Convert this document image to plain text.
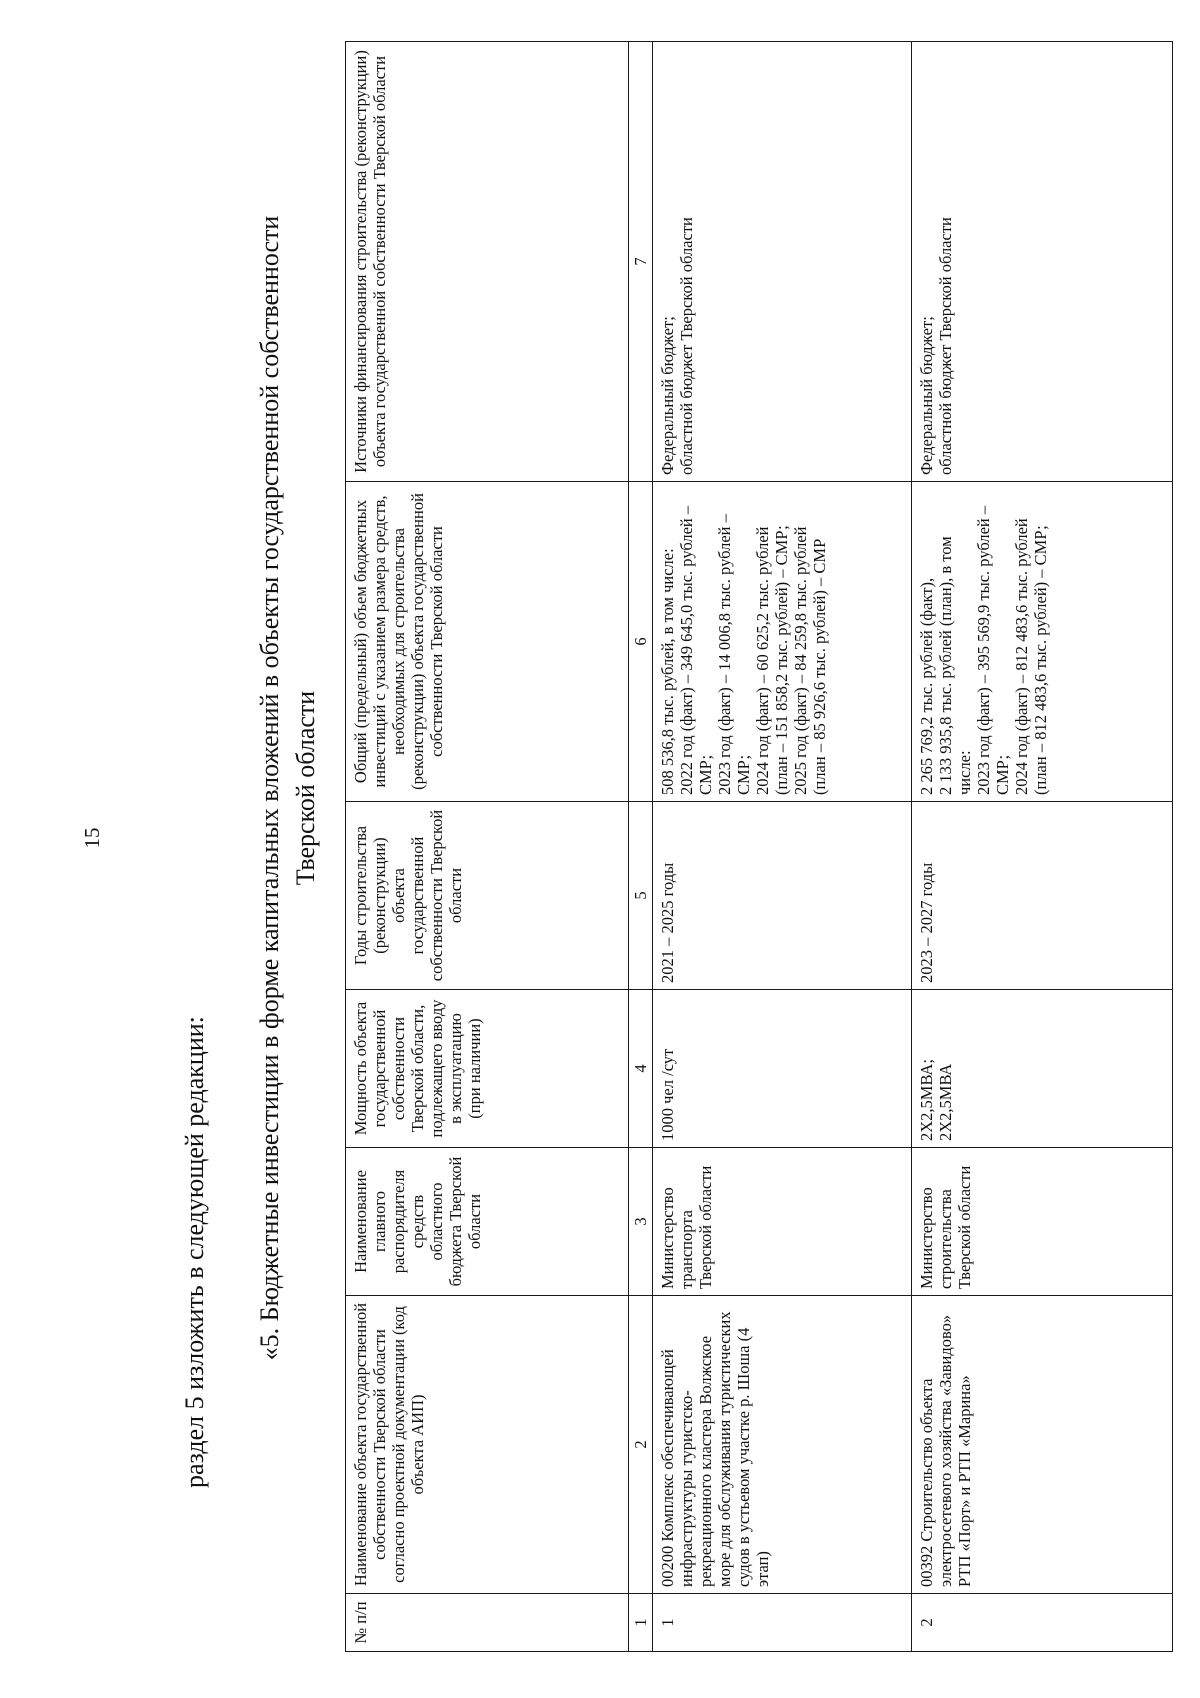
15
раздел 5 изложить в следующей редакции: «5. Бюджетные инвестиции в форме капитальных вложений в объекты государственной собственности Тверской области
№ п/п	Наименование объекта государственной собственности Тверской области согласно проектной документации (код объекта АИП)	Наименование главного распорядителя средств областного бюджета Тверской области	Мощность объекта государственной собственности Тверской области, подлежащего вводу в эксплуатацию (при наличии)	Годы строительства (реконструкции) объекта государственной собственности Тверской области	Общий (предельный) объем бюджетных инвестиций с указанием размера средств, необходимых для строительства (реконструкции) объекта государственной собственности Тверской области	Источники финансирования строительства (реконструкции) объекта государственной собственности Тверской области
1	2	3	4	5	6	7
1	00200 Комплекс обеспечивающей инфраструктуры туристско-рекреационного кластера Волжское море для обслуживания туристических судов в устьевом участке р. Шоша (4 этап)	Министерство транспорта Тверской области	1000 чел /сут	2021 – 2025 годы	508 536,8 тыс. рублей, в том числе:
2022 год (факт) – 349 645,0 тыс. рублей – СМР;
2023 год (факт) – 14 006,8 тыс. рублей – СМР;
2024 год (факт) – 60 625,2 тыс. рублей (план – 151 858,2 тыс. рублей) – СМР;
2025 год (факт) – 84 259,8 тыс. рублей (план – 85 926,6 тыс. рублей) – СМР	Федеральный бюджет;
областной бюджет Тверской области
2	00392 Строительство объекта электросетевого хозяйства «Завидово» РТП «Порт» и РТП «Марина»	Министерство строительства Тверской области	2Х2,5МВА;
2Х2,5МВА	2023 – 2027 годы	2 265 769,2 тыс. рублей (факт),
2 133 935,8 тыс. рублей (план), в том числе:
2023 год (факт) – 395 569,9 тыс. рублей – СМР;
2024 год (факт) – 812 483,6 тыс. рублей (план – 812 483,6 тыс. рублей) – СМР;	Федеральный бюджет;
областной бюджет Тверской области
